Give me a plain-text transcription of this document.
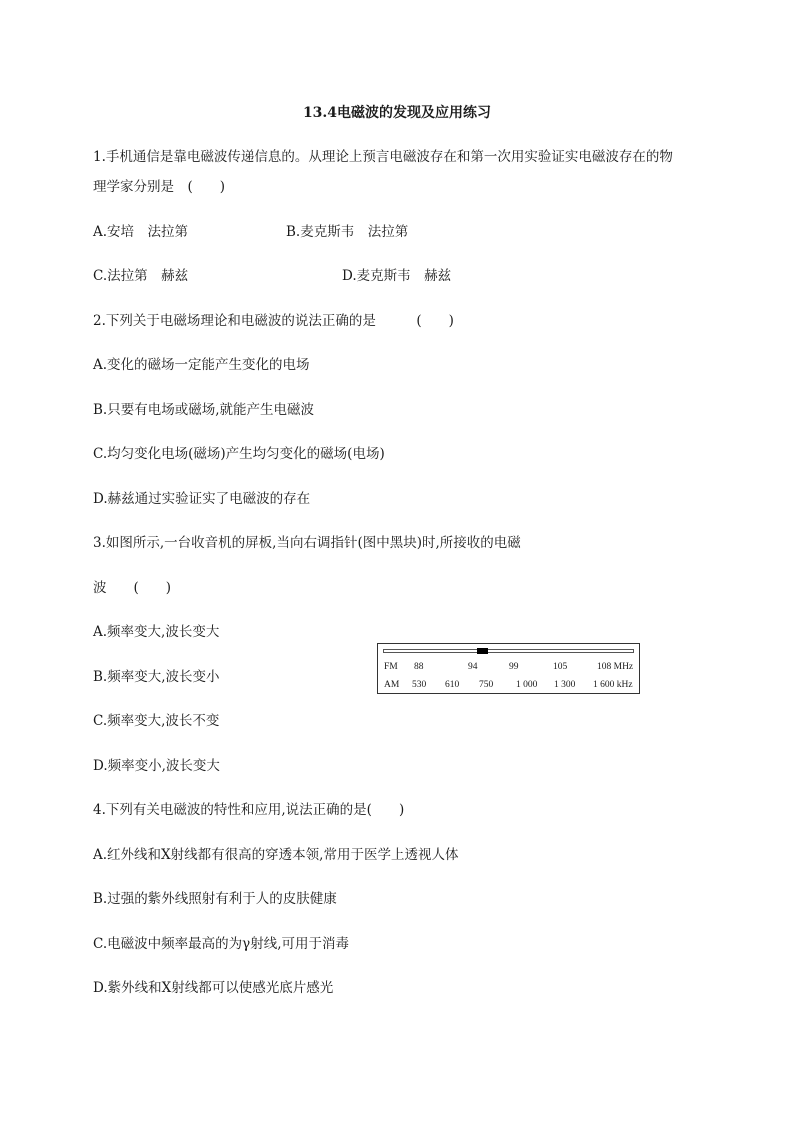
13.4电磁波的发现及应用练习

1.手机通信是靠电磁波传递信息的。从理论上预言电磁波存在和第一次用实验证实电磁波存在的物

理学家分别是　(　　)

A.安培　法拉第	B.麦克斯韦　法拉第
C.法拉第　赫兹	D.麦克斯韦　赫兹

2.下列关于电磁场理论和电磁波的说法正确的是　　　(　　)

A.变化的磁场一定能产生变化的电场

B.只要有电场或磁场,就能产生电磁波

C.均匀变化电场(磁场)产生均匀变化的磁场(电场)

D.赫兹通过实验证实了电磁波的存在

3.如图所示,一台收音机的屏板,当向右调指针(图中黑块)时,所接收的电磁

波　　(　　)

A.频率变大,波长变大

B.频率变大,波长变小

C.频率变大,波长不变

D.频率变小,波长变大

FM 88	94	99	105	108 MHz
AM 530 610 750 1 000 1 300 1 600 kHz

4.下列有关电磁波的特性和应用,说法正确的是(　　)

A.红外线和X射线都有很高的穿透本领,常用于医学上透视人体

B.过强的紫外线照射有利于人的皮肤健康

C.电磁波中频率最高的为γ射线,可用于消毒

D.紫外线和X射线都可以使感光底片感光
